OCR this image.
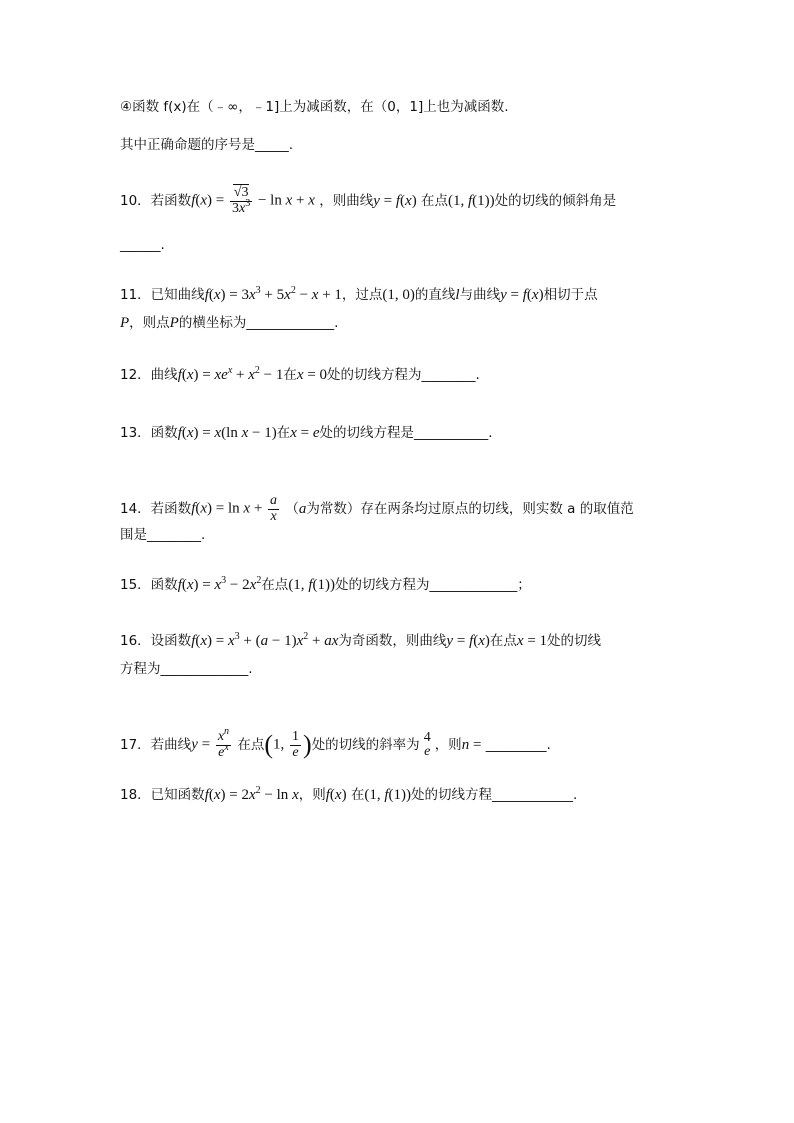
④函数 f(x)在（﹣∞，﹣1]上为减函数，在（0，1]上也为减函数.
其中正确命题的序号是_____.
10．若函数$f(x) = \frac{√3}{3x^3} - \ln x + x$ ，则曲线y = f(x) 在点(1, f(1))处的切线的倾斜角是
______.
11．已知曲线$f(x) = 3x^3 + 5x^2 - x + 1$，过点(1, 0)的直线l与曲线y = f(x)相切于点
P，则点P的横坐标为_____________.
12．曲线$f(x) = xe^x + x^2 - 1$在x = 0处的切线方程为________.
13．函数f(x) = x(ln x − 1)在x = e处的切线方程是___________.
14．若函数$f(x) = \ln x + \frac{a}{x} (a$为常数）存在两条均过原点的切线，则实数 a 的取值范
围是________.
15．函数$f(x) = x^3 - 2x^2$在点(1, f(1))处的切线方程为_____________；
16．设函数$f(x) = x^3 + (a - 1)x^2$ + ax为奇函数，则曲线y = f(x)在点x = 1处的切线
方程为_____________.
17．若曲线$y = \frac{x^n}{e^x}$ 在点(1, $\frac{1}{e}$ )处的切线的斜率为
4
e ，则n = _________.
18．已知函数$f(x) = 2x^2 - \ln x$，则f(x) 在(1, f(1))处的切线方程____________.
